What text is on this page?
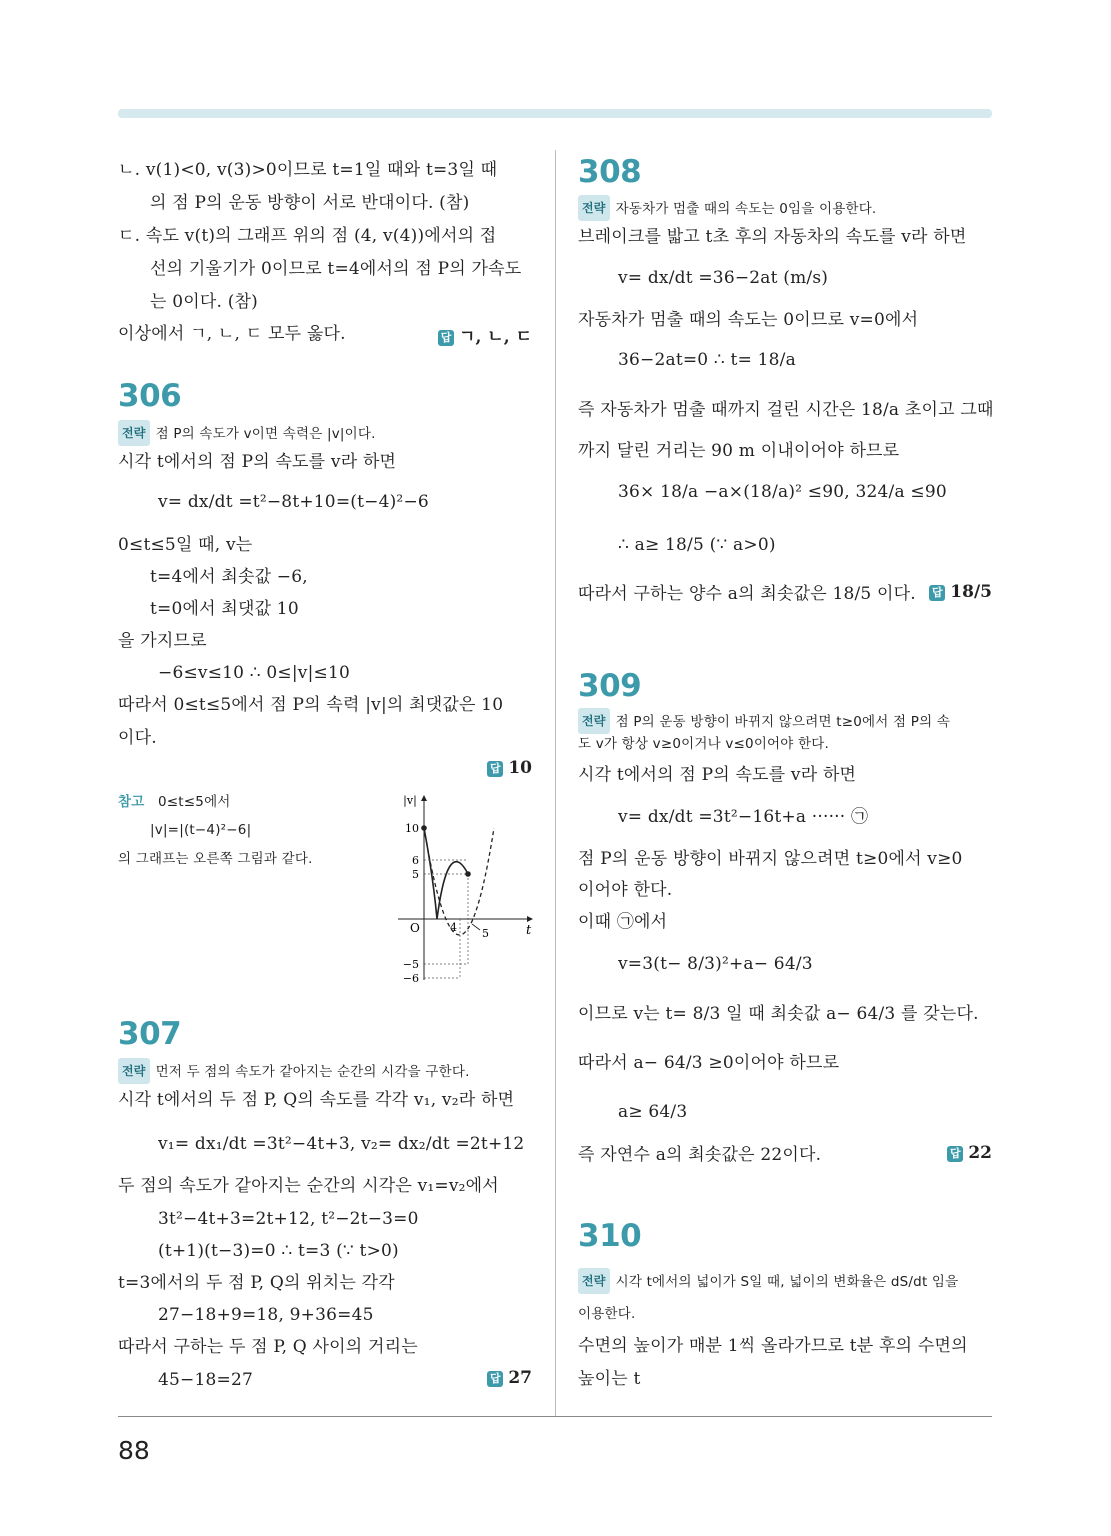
88
ㄴ. v(1)<0, v(3)>0이므로 t=1일 때와 t=3일 때
의 점 P의 운동 방향이 서로 반대이다. (참)
ㄷ. 속도 v(t)의 그래프 위의 점 (4, v(4))에서의 접
선의 기울기가 0이므로 t=4에서의 점 P의 가속도
는 0이다. (참)
이상에서 ㄱ, ㄴ, ㄷ 모두 옳다.	답 ㄱ, ㄴ, ㄷ
306
전략 점 P의 속도가 v이면 속력은 |v|이다.
시각 t에서의 점 P의 속도를 v라 하면
v= dx/dt =t²−8t+10=(t−4)²−6
0≤t≤5일 때, v는
t=4에서 최솟값 −6,
t=0에서 최댓값 10
을 가지므로
−6≤v≤10 ∴ 0≤|v|≤10
따라서 0≤t≤5에서 점 P의 속력 |v|의 최댓값은 10
이다.
답 10
참고 0≤t≤5에서
|v|=|(t−4)²−6|
의 그래프는 오른쪽 그림과 같다.
|v|
t
O
10
6
5
−5
−6
4 5
307
전략 먼저 두 점의 속도가 같아지는 순간의 시각을 구한다.
시각 t에서의 두 점 P, Q의 속도를 각각 v₁, v₂라 하면
v₁= dx₁/dt =3t²−4t+3, v₂= dx₂/dt =2t+12
두 점의 속도가 같아지는 순간의 시각은 v₁=v₂에서
3t²−4t+3=2t+12, t²−2t−3=0
(t+1)(t−3)=0 ∴ t=3 (∵ t>0)
t=3에서의 두 점 P, Q의 위치는 각각
27−18+9=18, 9+36=45
따라서 구하는 두 점 P, Q 사이의 거리는
45−18=27	답 27
308
전략 자동차가 멈출 때의 속도는 0임을 이용한다.
브레이크를 밟고 t초 후의 자동차의 속도를 v라 하면
v= dx/dt =36−2at (m/s)
자동차가 멈출 때의 속도는 0이므로 v=0에서
36−2at=0 ∴ t= 18/a
즉 자동차가 멈출 때까지 걸린 시간은 18/a 초이고 그때
까지 달린 거리는 90 m 이내이어야 하므로
36× 18/a −a×(18/a)² ≤90, 324/a ≤90
∴ a≥ 18/5 (∵ a>0)
따라서 구하는 양수 a의 최솟값은 18/5 이다. 답 18/5
309
전략 점 P의 운동 방향이 바뀌지 않으려면 t≥0에서 점 P의 속
도 v가 항상 v≥0이거나 v≤0이어야 한다.
시각 t에서의 점 P의 속도를 v라 하면
v= dx/dt =3t²−16t+a ······ ㉠
점 P의 운동 방향이 바뀌지 않으려면 t≥0에서 v≥0
이어야 한다.
이때 ㉠에서
v=3(t− 8/3)²+a− 64/3
이므로 v는 t= 8/3 일 때 최솟값 a− 64/3 를 갖는다.
따라서 a− 64/3 ≥0이어야 하므로
a≥ 64/3
즉 자연수 a의 최솟값은 22이다.	답 22
310
전략 시각 t에서의 넓이가 S일 때, 넓이의 변화율은 dS/dt 임을
이용한다.
수면의 높이가 매분 1씩 올라가므로 t분 후의 수면의
높이는 t
